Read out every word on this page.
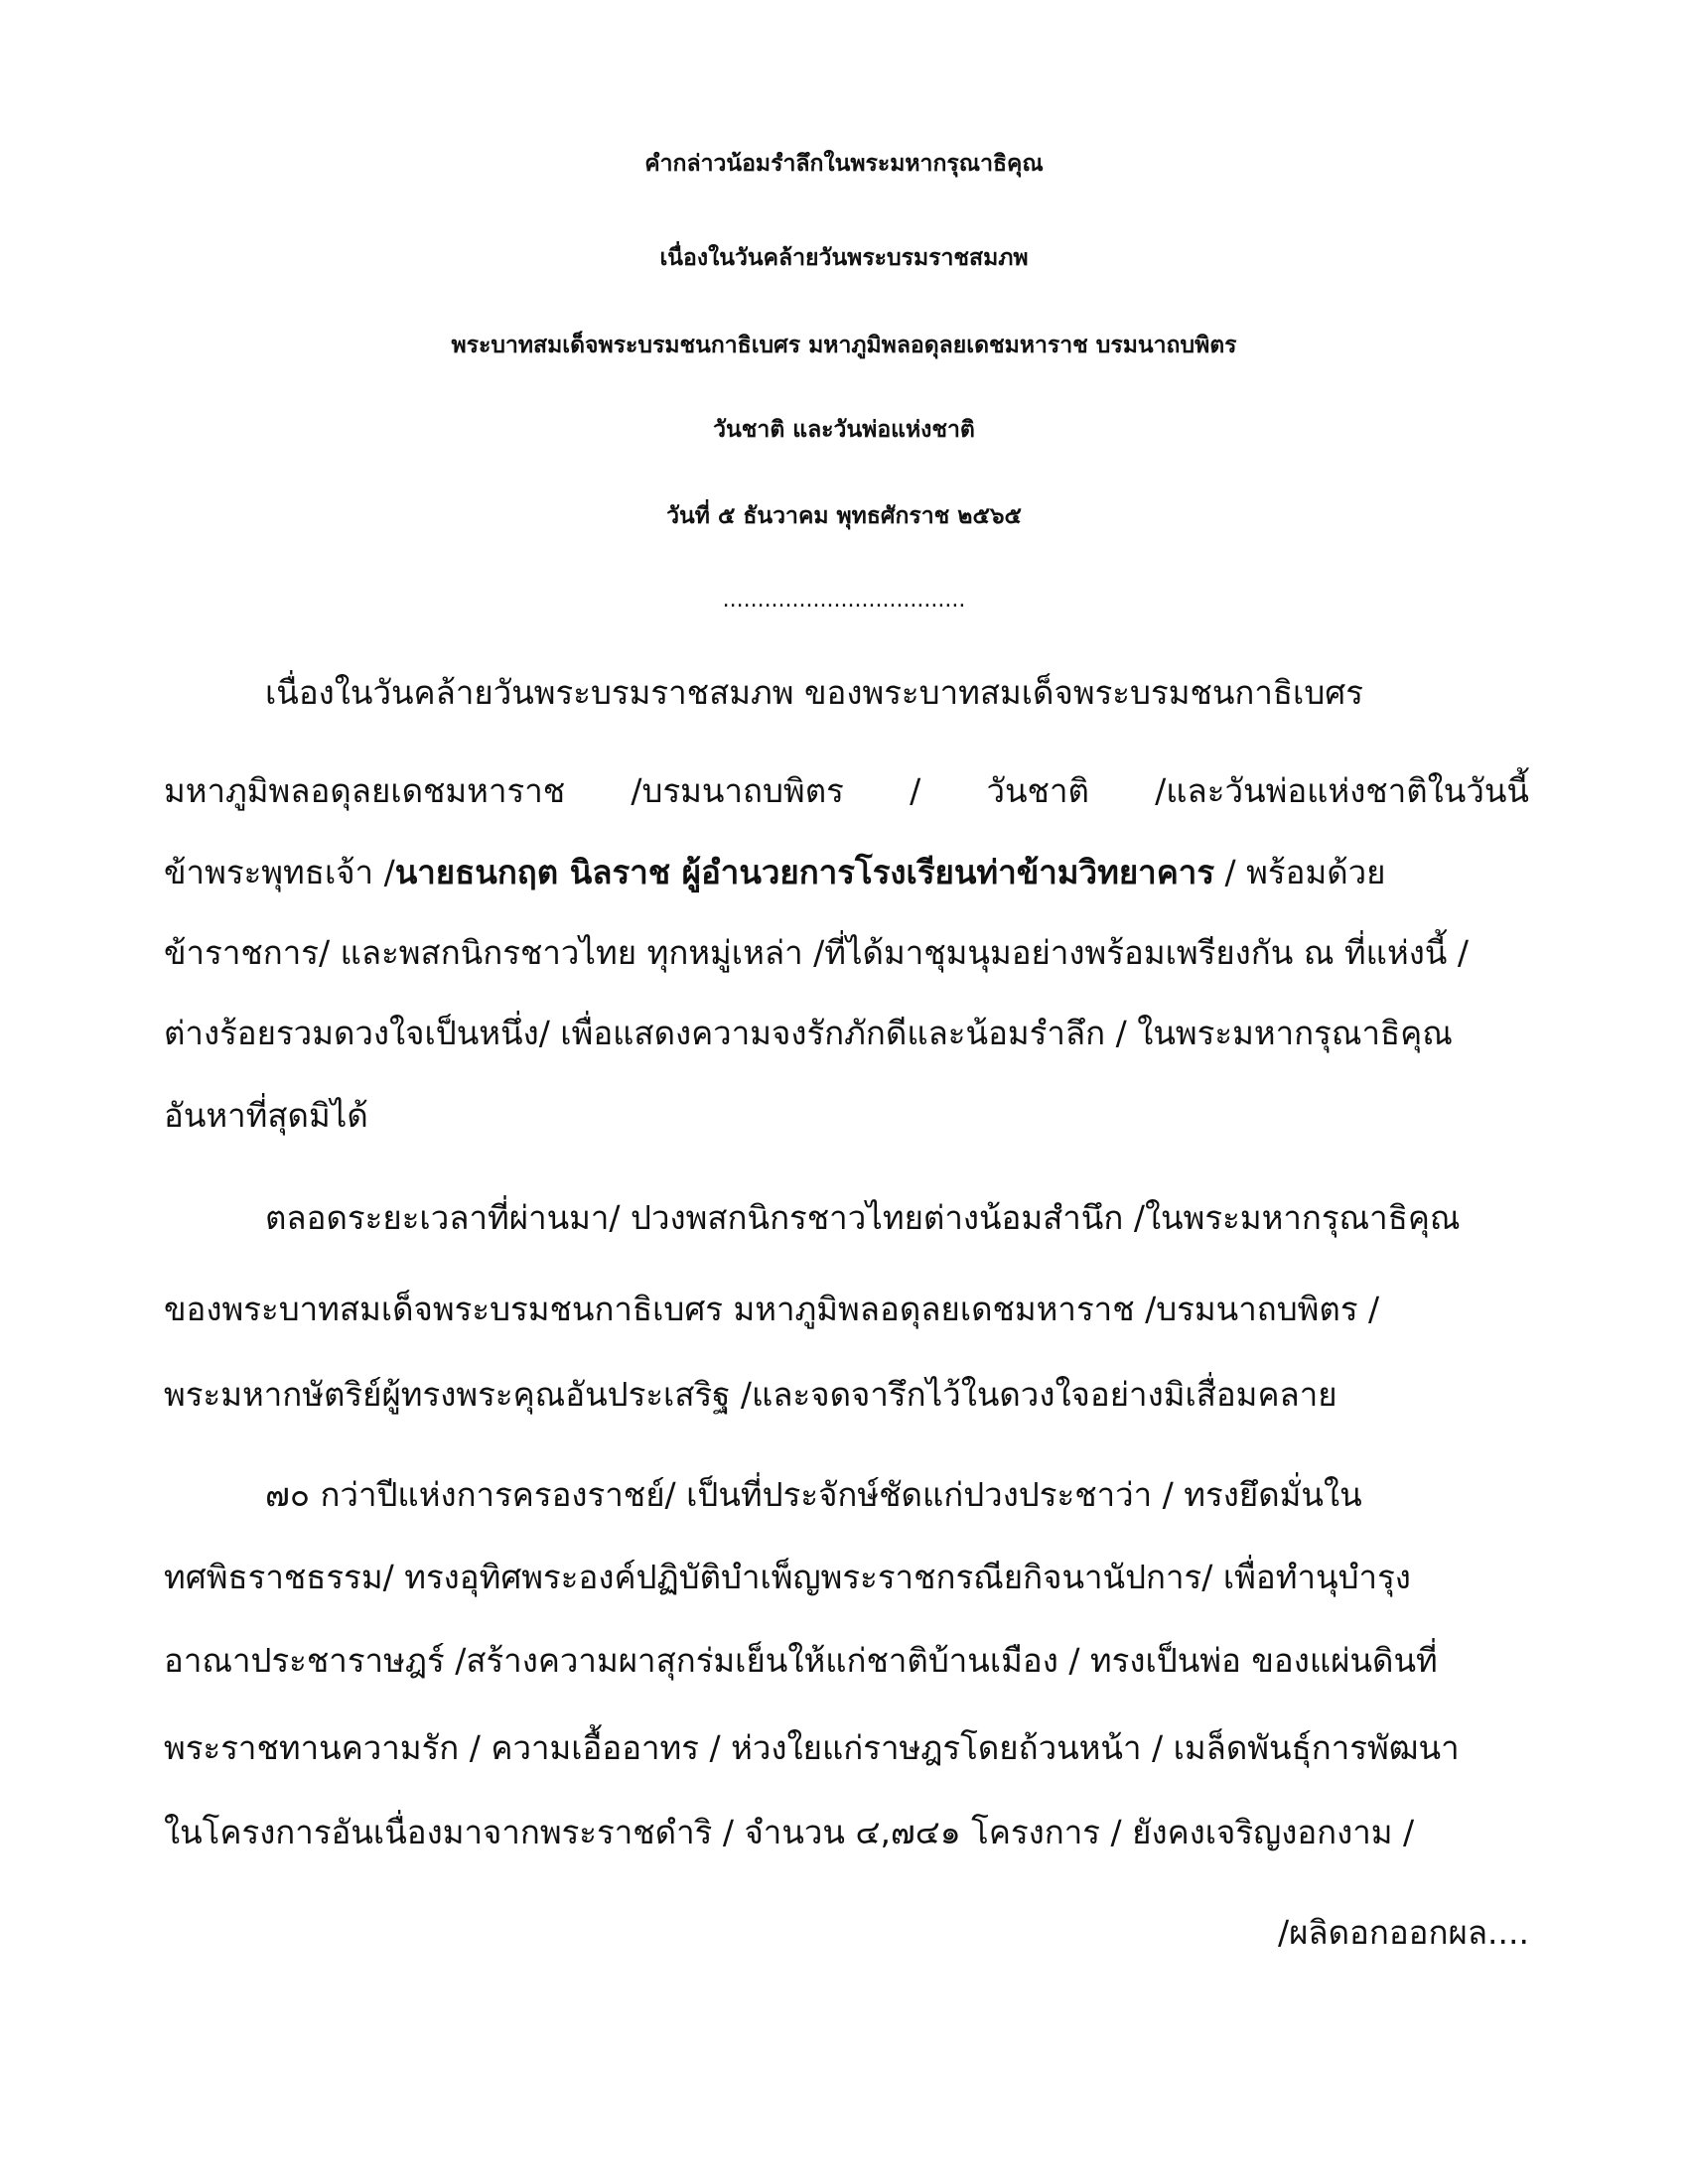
คำกล่าวน้อมรำลึกในพระมหากรุณาธิคุณ
เนื่องในวันคล้ายวันพระบรมราชสมภพ
พระบาทสมเด็จพระบรมชนกาธิเบศร มหาภูมิพลอดุลยเดชมหาราช บรมนาถบพิตร
วันชาติ และวันพ่อแห่งชาติ
วันที่ ๕ ธันวาคม พุทธศักราช ๒๕๖๕
...................................
เนื่องในวันคล้ายวันพระบรมราชสมภพ ของพระบาทสมเด็จพระบรมชนกาธิเบศร
มหาภูมิพลอดุลยเดชมหาราช /บรมนาถบพิตร / วันชาติ /และวันพ่อแห่งชาติในวันนี้
ข้าพระพุทธเจ้า /นายธนกฤต นิลราช ผู้อำนวยการโรงเรียนท่าข้ามวิทยาคาร / พร้อมด้วย
ข้าราชการ/ และพสกนิกรชาวไทย ทุกหมู่เหล่า /ที่ได้มาชุมนุมอย่างพร้อมเพรียงกัน ณ ที่แห่งนี้ /
ต่างร้อยรวมดวงใจเป็นหนึ่ง/ เพื่อแสดงความจงรักภักดีและน้อมรำลึก / ในพระมหากรุณาธิคุณ
อันหาที่สุดมิได้
ตลอดระยะเวลาที่ผ่านมา/ ปวงพสกนิกรชาวไทยต่างน้อมสำนึก /ในพระมหากรุณาธิคุณ
ของพระบาทสมเด็จพระบรมชนกาธิเบศร มหาภูมิพลอดุลยเดชมหาราช /บรมนาถบพิตร /
พระมหากษัตริย์ผู้ทรงพระคุณอันประเสริฐ /และจดจารึกไว้ในดวงใจอย่างมิเสื่อมคลาย
๗๐ กว่าปีแห่งการครองราชย์/ เป็นที่ประจักษ์ชัดแก่ปวงประชาว่า / ทรงยึดมั่นใน
ทศพิธราชธรรม/ ทรงอุทิศพระองค์ปฏิบัติบำเพ็ญพระราชกรณียกิจนานัปการ/ เพื่อทำนุบำรุง
อาณาประชาราษฎร์ /สร้างความผาสุกร่มเย็นให้แก่ชาติบ้านเมือง / ทรงเป็นพ่อ ของแผ่นดินที่
พระราชทานความรัก / ความเอื้ออาทร / ห่วงใยแก่ราษฎรโดยถ้วนหน้า / เมล็ดพันธุ์การพัฒนา
ในโครงการอันเนื่องมาจากพระราชดำริ / จำนวน ๔,๗๔๑ โครงการ / ยังคงเจริญงอกงาม /
/ผลิดอกออกผล....
